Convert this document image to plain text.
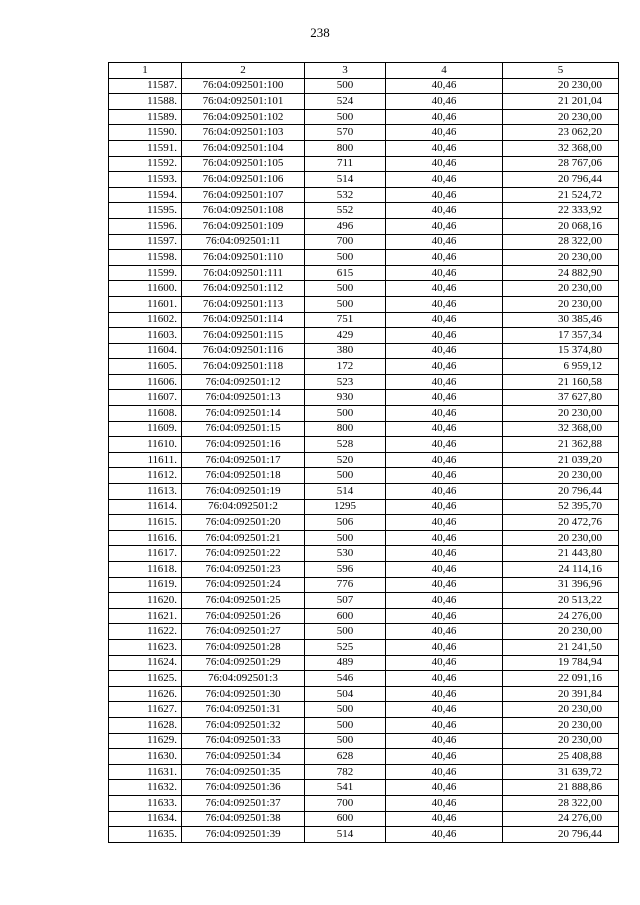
238
1	2	3	4	5
11587.	76:04:092501:100	500	40,46	20 230,00
11588.	76:04:092501:101	524	40,46	21 201,04
11589.	76:04:092501:102	500	40,46	20 230,00
11590.	76:04:092501:103	570	40,46	23 062,20
11591.	76:04:092501:104	800	40,46	32 368,00
11592.	76:04:092501:105	711	40,46	28 767,06
11593.	76:04:092501:106	514	40,46	20 796,44
11594.	76:04:092501:107	532	40,46	21 524,72
11595.	76:04:092501:108	552	40,46	22 333,92
11596.	76:04:092501:109	496	40,46	20 068,16
11597.	76:04:092501:11	700	40,46	28 322,00
11598.	76:04:092501:110	500	40,46	20 230,00
11599.	76:04:092501:111	615	40,46	24 882,90
11600.	76:04:092501:112	500	40,46	20 230,00
11601.	76:04:092501:113	500	40,46	20 230,00
11602.	76:04:092501:114	751	40,46	30 385,46
11603.	76:04:092501:115	429	40,46	17 357,34
11604.	76:04:092501:116	380	40,46	15 374,80
11605.	76:04:092501:118	172	40,46	6 959,12
11606.	76:04:092501:12	523	40,46	21 160,58
11607.	76:04:092501:13	930	40,46	37 627,80
11608.	76:04:092501:14	500	40,46	20 230,00
11609.	76:04:092501:15	800	40,46	32 368,00
11610.	76:04:092501:16	528	40,46	21 362,88
11611.	76:04:092501:17	520	40,46	21 039,20
11612.	76:04:092501:18	500	40,46	20 230,00
11613.	76:04:092501:19	514	40,46	20 796,44
11614.	76:04:092501:2	1295	40,46	52 395,70
11615.	76:04:092501:20	506	40,46	20 472,76
11616.	76:04:092501:21	500	40,46	20 230,00
11617.	76:04:092501:22	530	40,46	21 443,80
11618.	76:04:092501:23	596	40,46	24 114,16
11619.	76:04:092501:24	776	40,46	31 396,96
11620.	76:04:092501:25	507	40,46	20 513,22
11621.	76:04:092501:26	600	40,46	24 276,00
11622.	76:04:092501:27	500	40,46	20 230,00
11623.	76:04:092501:28	525	40,46	21 241,50
11624.	76:04:092501:29	489	40,46	19 784,94
11625.	76:04:092501:3	546	40,46	22 091,16
11626.	76:04:092501:30	504	40,46	20 391,84
11627.	76:04:092501:31	500	40,46	20 230,00
11628.	76:04:092501:32	500	40,46	20 230,00
11629.	76:04:092501:33	500	40,46	20 230,00
11630.	76:04:092501:34	628	40,46	25 408,88
11631.	76:04:092501:35	782	40,46	31 639,72
11632.	76:04:092501:36	541	40,46	21 888,86
11633.	76:04:092501:37	700	40,46	28 322,00
11634.	76:04:092501:38	600	40,46	24 276,00
11635.	76:04:092501:39	514	40,46	20 796,44
